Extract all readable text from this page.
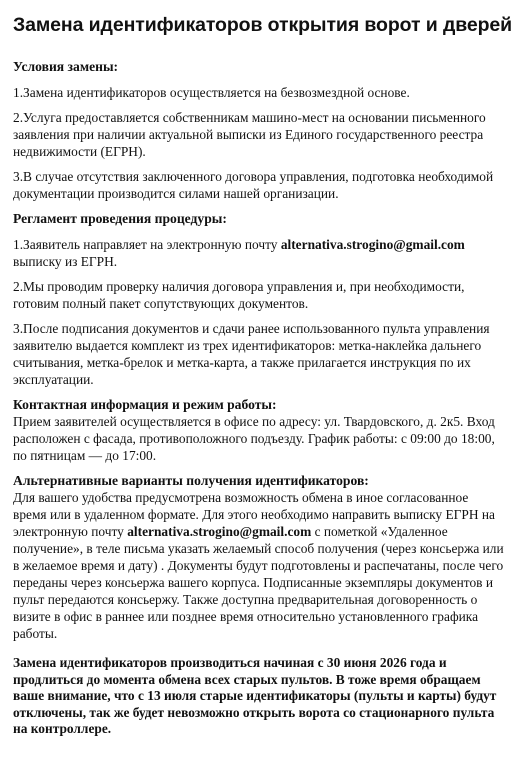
Замена идентификаторов открытия ворот и дверей

Условия замены:

1.Замена идентификаторов осуществляется на безвозмездной основе.

2.Услуга предоставляется собственникам машино-мест на основании письменного заявления при наличии актуальной выписки из Единого государственного реестра недвижимости (ЕГРН).

3.В случае отсутствия заключенного договора управления, подготовка необходимой документации производится силами нашей организации.

Регламент проведения процедуры:

1.Заявитель направляет на электронную почту alternativa.strogino@gmail.com выписку из ЕГРН.

2.Мы проводим проверку наличия договора управления и, при необходимости, готовим полный пакет сопутствующих документов.

3.После подписания документов и сдачи ранее использованного пульта управления заявителю выдается комплект из трех идентификаторов: метка-наклейка дальнего считывания, метка-брелок и метка-карта, а также прилагается инструкция по их эксплуатации.

Контактная информация и режим работы:

Прием заявителей осуществляется в офисе по адресу: ул. Твардовского, д. 2к5. Вход расположен с фасада, противоположного подъезду. График работы: с 09:00 до 18:00, по пятницам — до 17:00.

Альтернативные варианты получения идентификаторов:

Для вашего удобства предусмотрена возможность обмена в иное согласованное время или в удаленном формате. Для этого необходимо направить выписку ЕГРН на электронную почту alternativa.strogino@gmail.com с пометкой «Удаленное получение», в теле письма указать желаемый способ получения (через консьержа или в желаемое время и дату) . Документы будут подготовлены и распечатаны, после чего переданы через консьержа вашего корпуса. Подписанные экземпляры документов и пульт передаются консьержу. Также доступна предварительная договоренность о визите в офис в раннее или позднее время относительно установленного графика работы.

Замена идентификаторов производиться начиная с 30 июня 2026 года и продлиться до момента обмена всех старых пультов. В тоже время обращаем ваше внимание, что с 13 июля старые идентификаторы (пульты и карты) будут отключены, так же будет невозможно открыть ворота со стационарного пульта на контроллере.
